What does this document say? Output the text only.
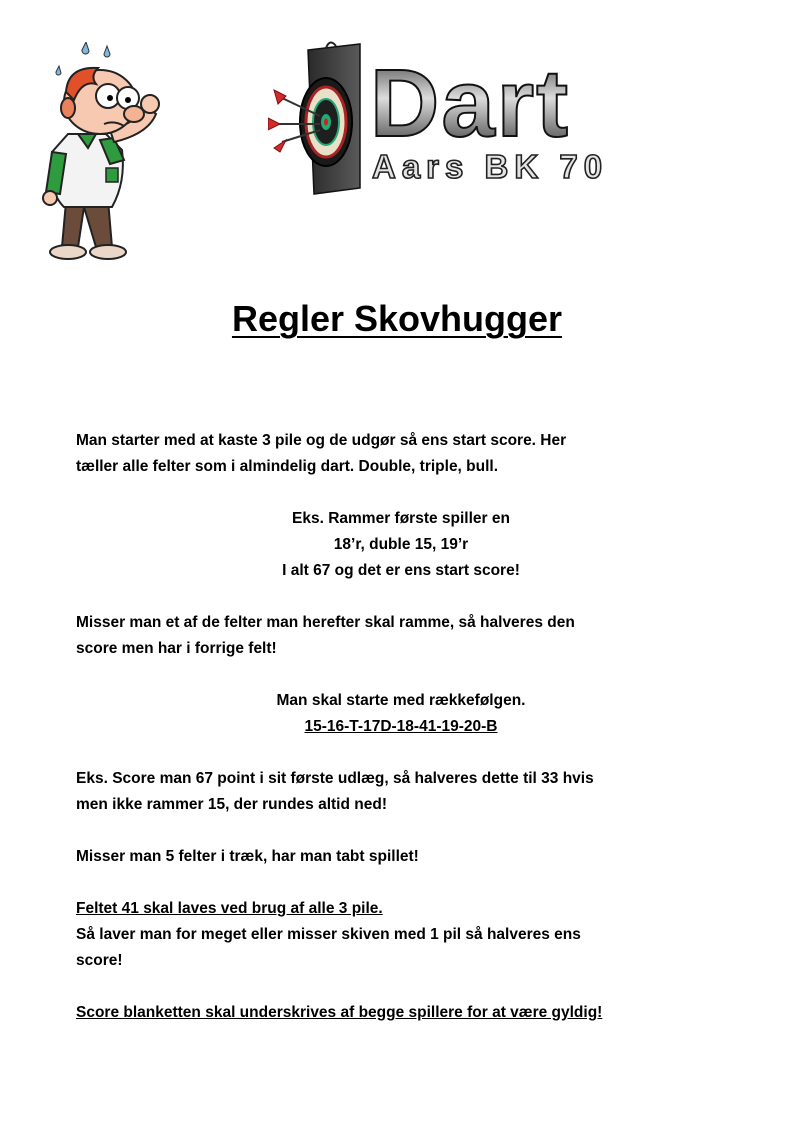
Dart
Aars BK 70
Regler Skovhugger

Man starter med at kaste 3 pile og de udgør så ens start score. Her

tæller alle felter som i almindelig dart. Double, triple, bull.

Eks. Rammer første spiller en

18’r, duble 15, 19’r

I alt 67 og det er ens start score!

Misser man et af de felter man herefter skal ramme, så halveres den

score men har i forrige felt!

Man skal starte med rækkefølgen.

15-16-T-17D-18-41-19-20-B

Eks. Score man 67 point i sit første udlæg, så halveres dette til 33 hvis

men ikke rammer 15, der rundes altid ned!

Misser man 5 felter i træk, har man tabt spillet!

Feltet 41 skal laves ved brug af alle 3 pile.

Så laver man for meget eller misser skiven med 1 pil så halveres ens

score!

Score blanketten skal underskrives af begge spillere for at være gyldig!
